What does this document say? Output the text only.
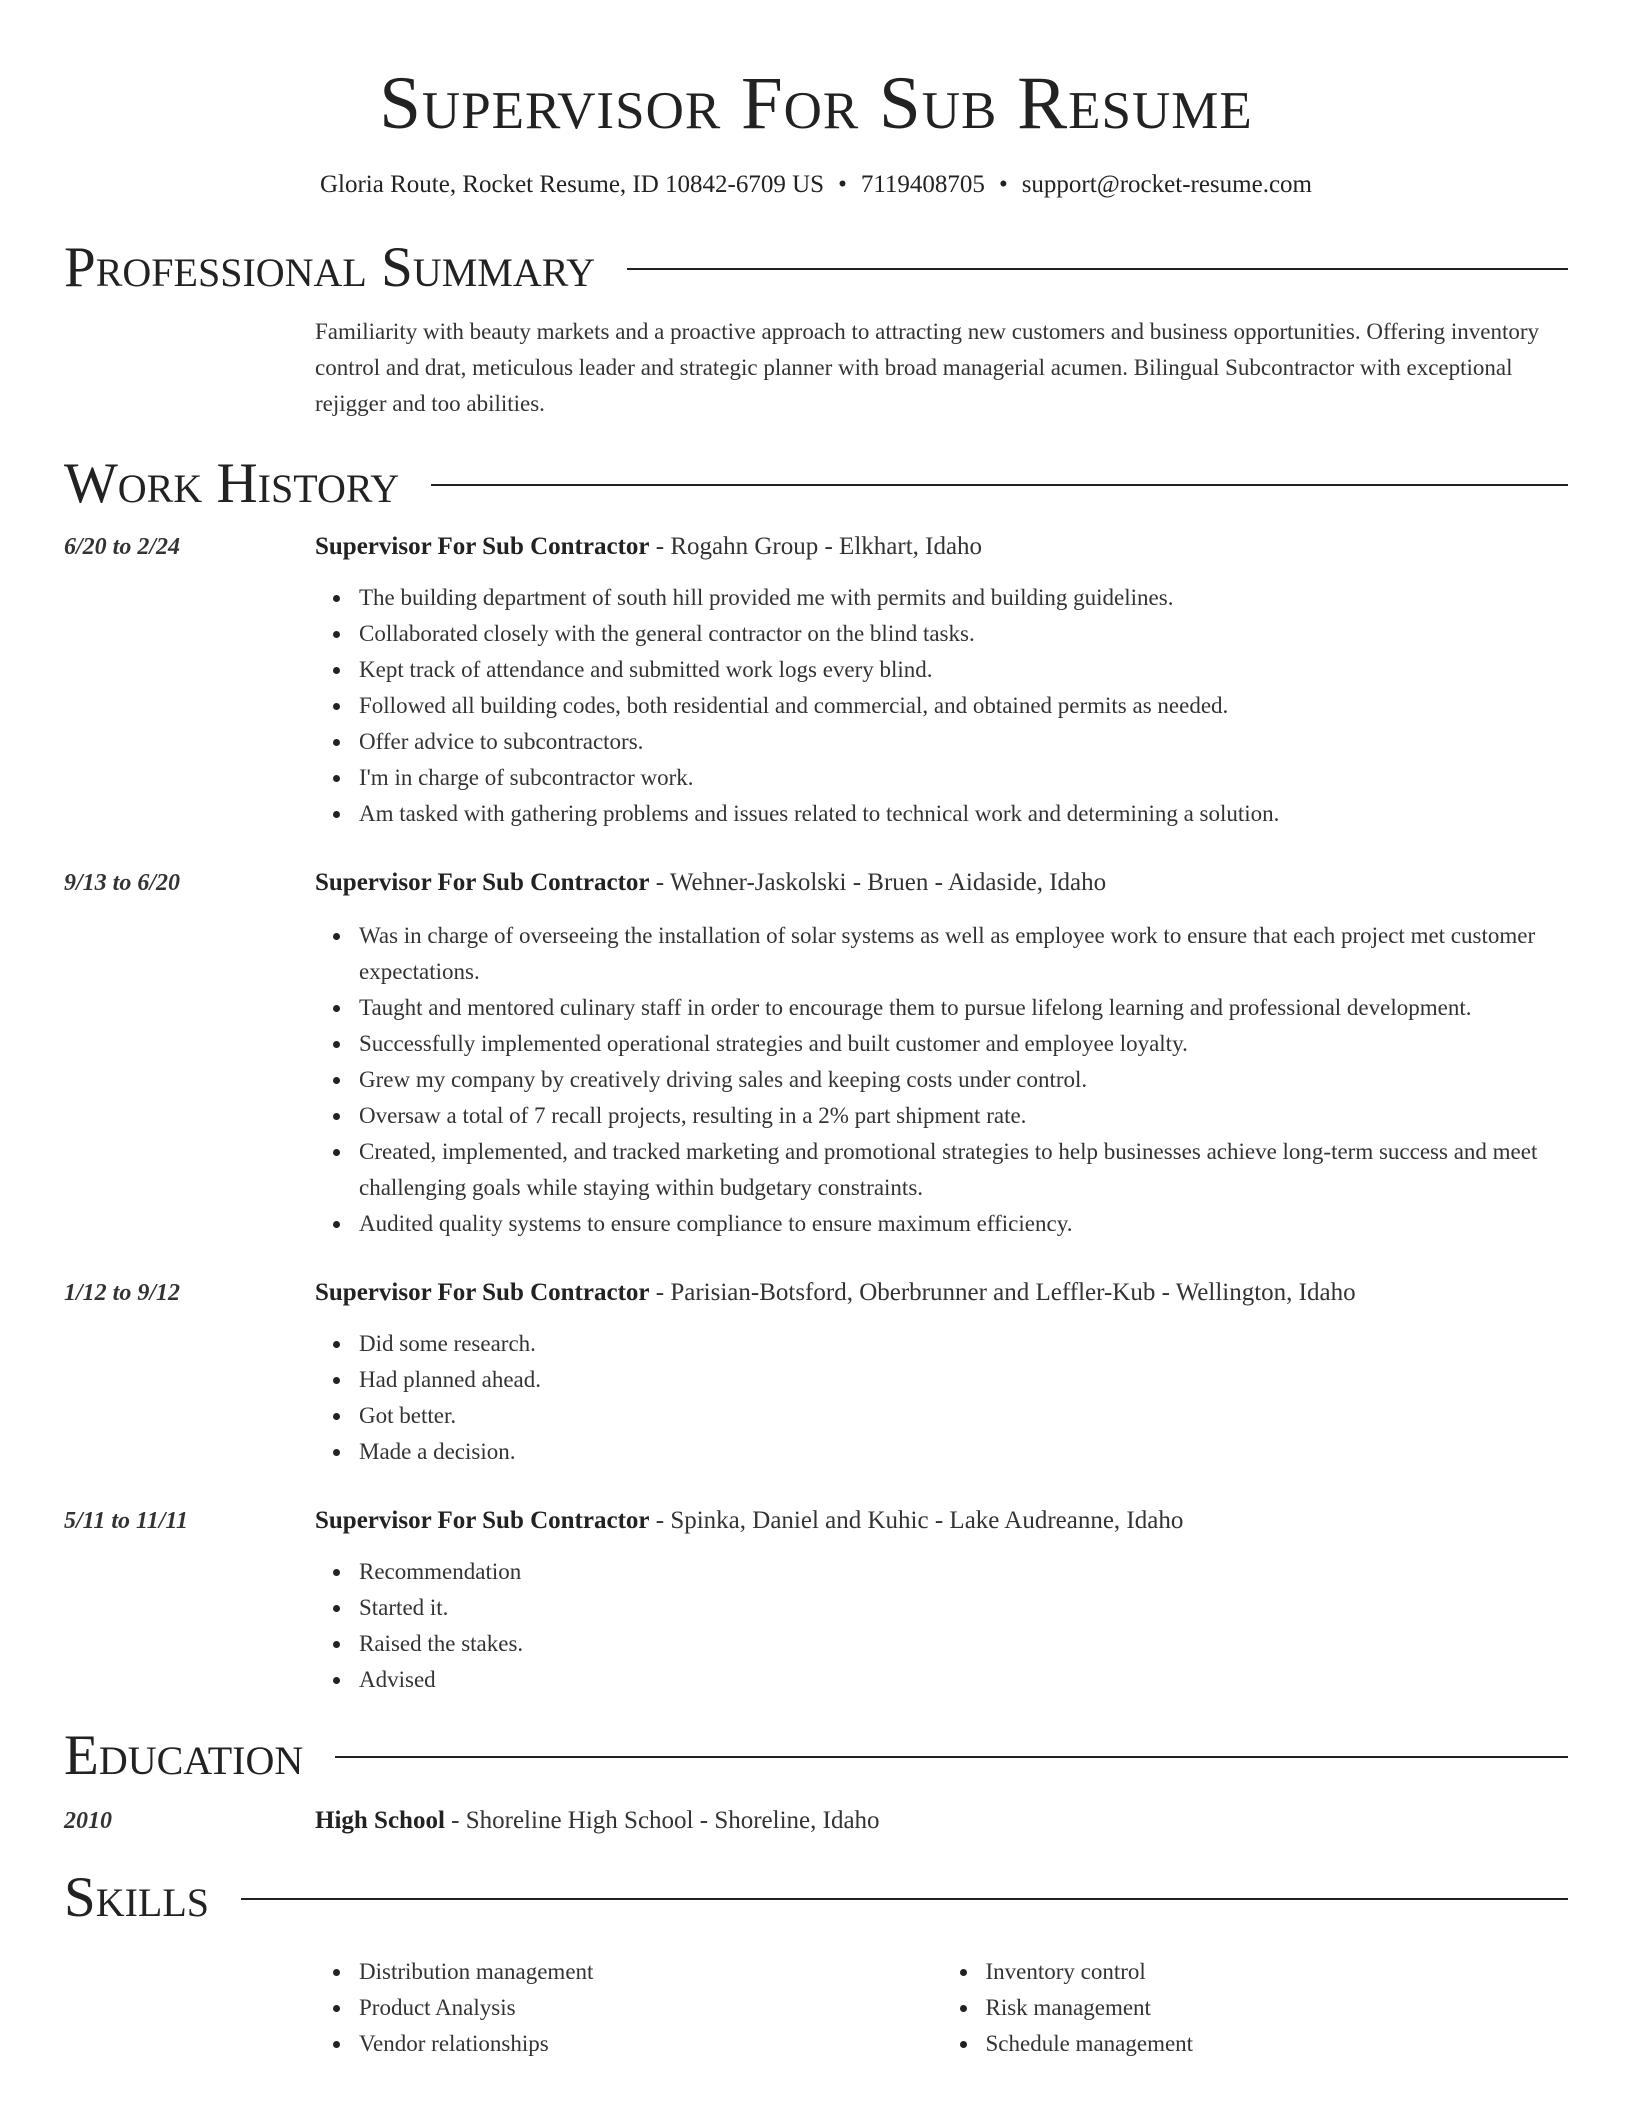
Supervisor For Sub Resume
Gloria Route, Rocket Resume, ID 10842-6709 US • 7119408705 • support@rocket-resume.com
Professional Summary
Familiarity with beauty markets and a proactive approach to attracting new customers and business opportunities. Offering inventory control and drat, meticulous leader and strategic planner with broad managerial acumen. Bilingual Subcontractor with exceptional rejigger and too abilities.
Work History
6/20 to 2/24	Supervisor For Sub Contractor - Rogahn Group - Elkhart, Idaho
The building department of south hill provided me with permits and building guidelines.
Collaborated closely with the general contractor on the blind tasks.
Kept track of attendance and submitted work logs every blind.
Followed all building codes, both residential and commercial, and obtained permits as needed.
Offer advice to subcontractors.
I'm in charge of subcontractor work.
Am tasked with gathering problems and issues related to technical work and determining a solution.
9/13 to 6/20	Supervisor For Sub Contractor - Wehner-Jaskolski - Bruen - Aidaside, Idaho
Was in charge of overseeing the installation of solar systems as well as employee work to ensure that each project met customer expectations.
Taught and mentored culinary staff in order to encourage them to pursue lifelong learning and professional development.
Successfully implemented operational strategies and built customer and employee loyalty.
Grew my company by creatively driving sales and keeping costs under control.
Oversaw a total of 7 recall projects, resulting in a 2% part shipment rate.
Created, implemented, and tracked marketing and promotional strategies to help businesses achieve long-term success and meet challenging goals while staying within budgetary constraints.
Audited quality systems to ensure compliance to ensure maximum efficiency.
1/12 to 9/12	Supervisor For Sub Contractor - Parisian-Botsford, Oberbrunner and Leffler-Kub - Wellington, Idaho
Did some research.
Had planned ahead.
Got better.
Made a decision.
5/11 to 11/11	Supervisor For Sub Contractor - Spinka, Daniel and Kuhic - Lake Audreanne, Idaho
Recommendation
Started it.
Raised the stakes.
Advised
Education
2010	High School - Shoreline High School - Shoreline, Idaho
Skills
Distribution management
Product Analysis
Vendor relationships
Inventory control
Risk management
Schedule management
